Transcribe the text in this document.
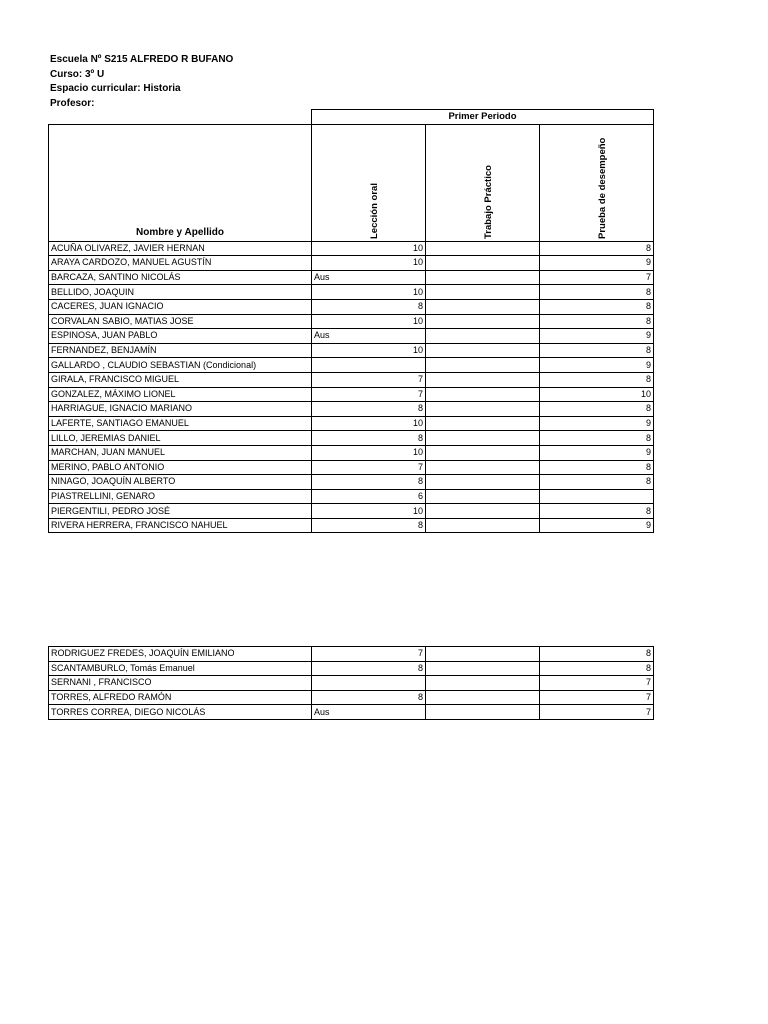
Escuela Nº S215 ALFREDO R BUFANO
Curso: 3º U
Espacio curricular: Historia
Profesor:
	Primer Periodo		
Nombre y Apellido	Lección oral	Trabajo Práctico	Prueba de desempeño

ACUÑA OLIVAREZ, JAVIER HERNAN	10		8
ARAYA CARDOZO, MANUEL AGUSTÍN	10		9
BARCAZA, SANTINO NICOLÁS	Aus		7
BELLIDO, JOAQUIN	10		8
CACERES, JUAN IGNACIO	8		8
CORVALAN SABIO, MATIAS JOSE	10		8
ESPINOSA, JUAN PABLO	Aus		9
FERNANDEZ, BENJAMÍN	10		8
GALLARDO , CLAUDIO SEBASTIAN (Condicional)			9
GIRALA, FRANCISCO MIGUEL	7		8
GONZALEZ, MÁXIMO LIONEL	7		10
HARRIAGUE, IGNACIO MARIANO	8		8
LAFERTE, SANTIAGO EMANUEL	10		9
LILLO, JEREMIAS DANIEL	8		8
MARCHAN, JUAN MANUEL	10		9
MERINO, PABLO ANTONIO	7		8
NINAGO, JOAQUÍN ALBERTO	8		8
PIASTRELLINI, GENARO	6		
PIERGENTILI, PEDRO JOSÉ	10		8
RIVERA HERRERA, FRANCISCO NAHUEL	8		9
RODRIGUEZ FREDES, JOAQUÍN EMILIANO	7		8
SCANTAMBURLO, Tomás Emanuel	8		8
SERNANI , FRANCISCO			7
TORRES, ALFREDO RAMÓN	8		7
TORRES CORREA, DIEGO NICOLÁS	Aus		7
